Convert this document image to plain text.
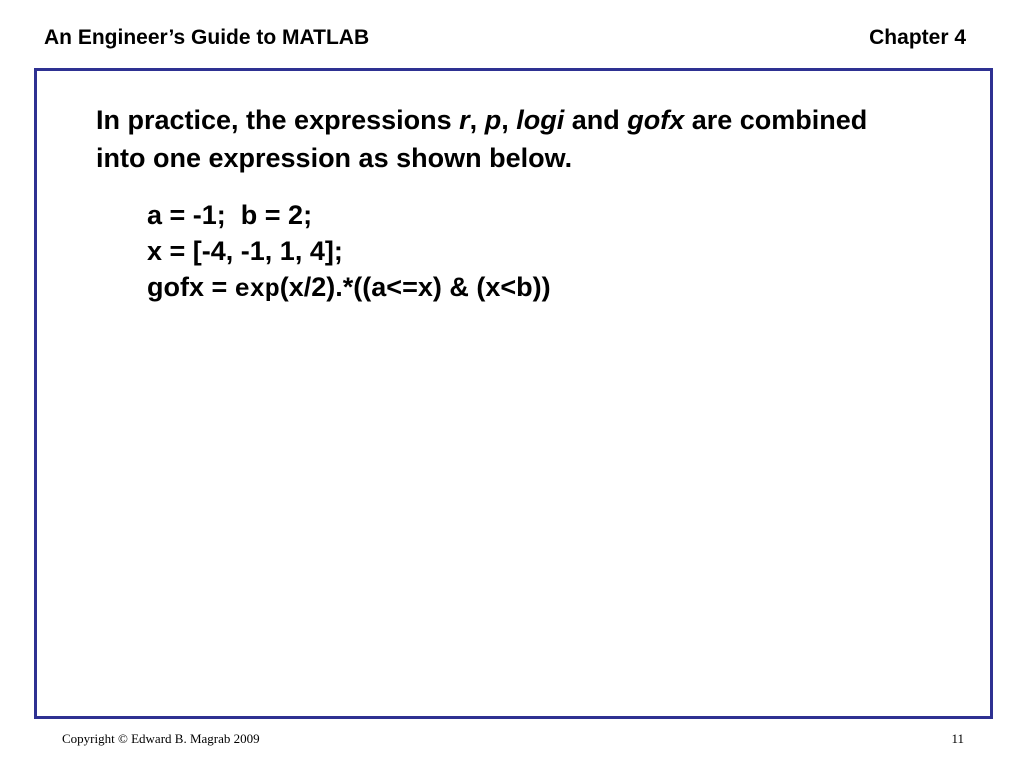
An Engineer’s Guide to MATLAB	Chapter 4
In practice, the expressions r, p, logi and gofx are combined into one expression as shown below.
a = -1;  b = 2;
x = [-4, -1, 1, 4];
gofx = exp(x/2).*((a<=x) & (x<b))
Copyright © Edward B. Magrab 2009	11
